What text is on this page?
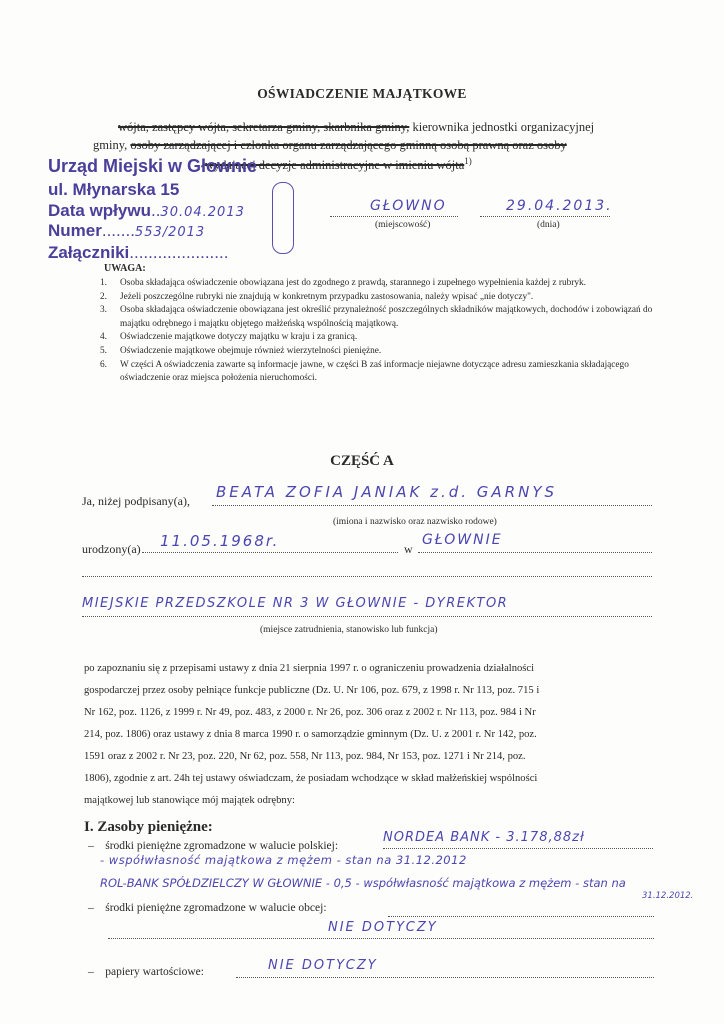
OŚWIADCZENIE MAJĄTKOWE
wójta, zastępcy wójta, sekretarza gminy, skarbnika gminy, kierownika jednostki organizacyjnej
gminy, osoby zarządzającej i członka organu zarządzającego gminną osobą prawną oraz osoby
wydającej decyzje administracyjne w imieniu wójta$^{1)}$
Urząd Miejski w Głownie
ul. Młynarska 15
Data wpływu..30.04.2013
Numer.......553/2013
Załączniki.....................
GŁOWNO	29.04.2013.
(miejscowość)	(dnia)
UWAGA:
1. Osoba składająca oświadczenie obowiązana jest do zgodnego z prawdą, starannego i zupełnego wypełnienia każdej z rubryk.
2. Jeżeli poszczególne rubryki nie znajdują w konkretnym przypadku zastosowania, należy wpisać „nie dotyczy".
3. Osoba składająca oświadczenie obowiązana jest określić przynależność poszczególnych składników majątkowych, dochodów i zobowiązań do majątku odrębnego i majątku objętego małżeńską wspólnością majątkową.
4. Oświadczenie majątkowe dotyczy majątku w kraju i za granicą.
5. Oświadczenie majątkowe obejmuje również wierzytelności pieniężne.
6. W części A oświadczenia zawarte są informacje jawne, w części B zaś informacje niejawne dotyczące adresu zamieszkania składającego oświadczenie oraz miejsca położenia nieruchomości.
CZĘŚĆ A
Ja, niżej podpisany(a), BEATA ZOFIA JANIAK z.d. GARNYS
(imiona i nazwisko oraz nazwisko rodowe)
urodzony(a) 11.05.1968r.	w
GŁOWNIE
MIEJSKIE PRZEDSZKOLE NR 3 W GŁOWNIE - DYREKTOR
(miejsce zatrudnienia, stanowisko lub funkcja)
po zapoznaniu się z przepisami ustawy z dnia 21 sierpnia 1997 r. o ograniczeniu prowadzenia działalności
gospodarczej przez osoby pełniące funkcje publiczne (Dz. U. Nr 106, poz. 679, z 1998 r. Nr 113, poz. 715 i
Nr 162, poz. 1126, z 1999 r. Nr 49, poz. 483, z 2000 r. Nr 26, poz. 306 oraz z 2002 r. Nr 113, poz. 984 i Nr
214, poz. 1806) oraz ustawy z dnia 8 marca 1990 r. o samorządzie gminnym (Dz. U. z 2001 r. Nr 142, poz.
1591 oraz z 2002 r. Nr 23, poz. 220, Nr 62, poz. 558, Nr 113, poz. 984, Nr 153, poz. 1271 i Nr 214, poz.
1806), zgodnie z art. 24h tej ustawy oświadczam, że posiadam wchodzące w skład małżeńskiej wspólności
majątkowej lub stanowiące mój majątek odrębny:
I. Zasoby pieniężne:
–    środki pieniężne zgromadzone w walucie polskiej:
NORDEA BANK - 3.178,88zł
- współwłasność majątkowa z mężem - stan na 31.12.2012
ROL-BANK SPÓŁDZIELCZY W GŁOWNIE - 0,5 - współwłasność majątkowa z mężem - stan na
31.12.2012.
–    środki pieniężne zgromadzone w walucie obcej:
NIE DOTYCZY
–    papiery wartościowe:	NIE DOTYCZY
